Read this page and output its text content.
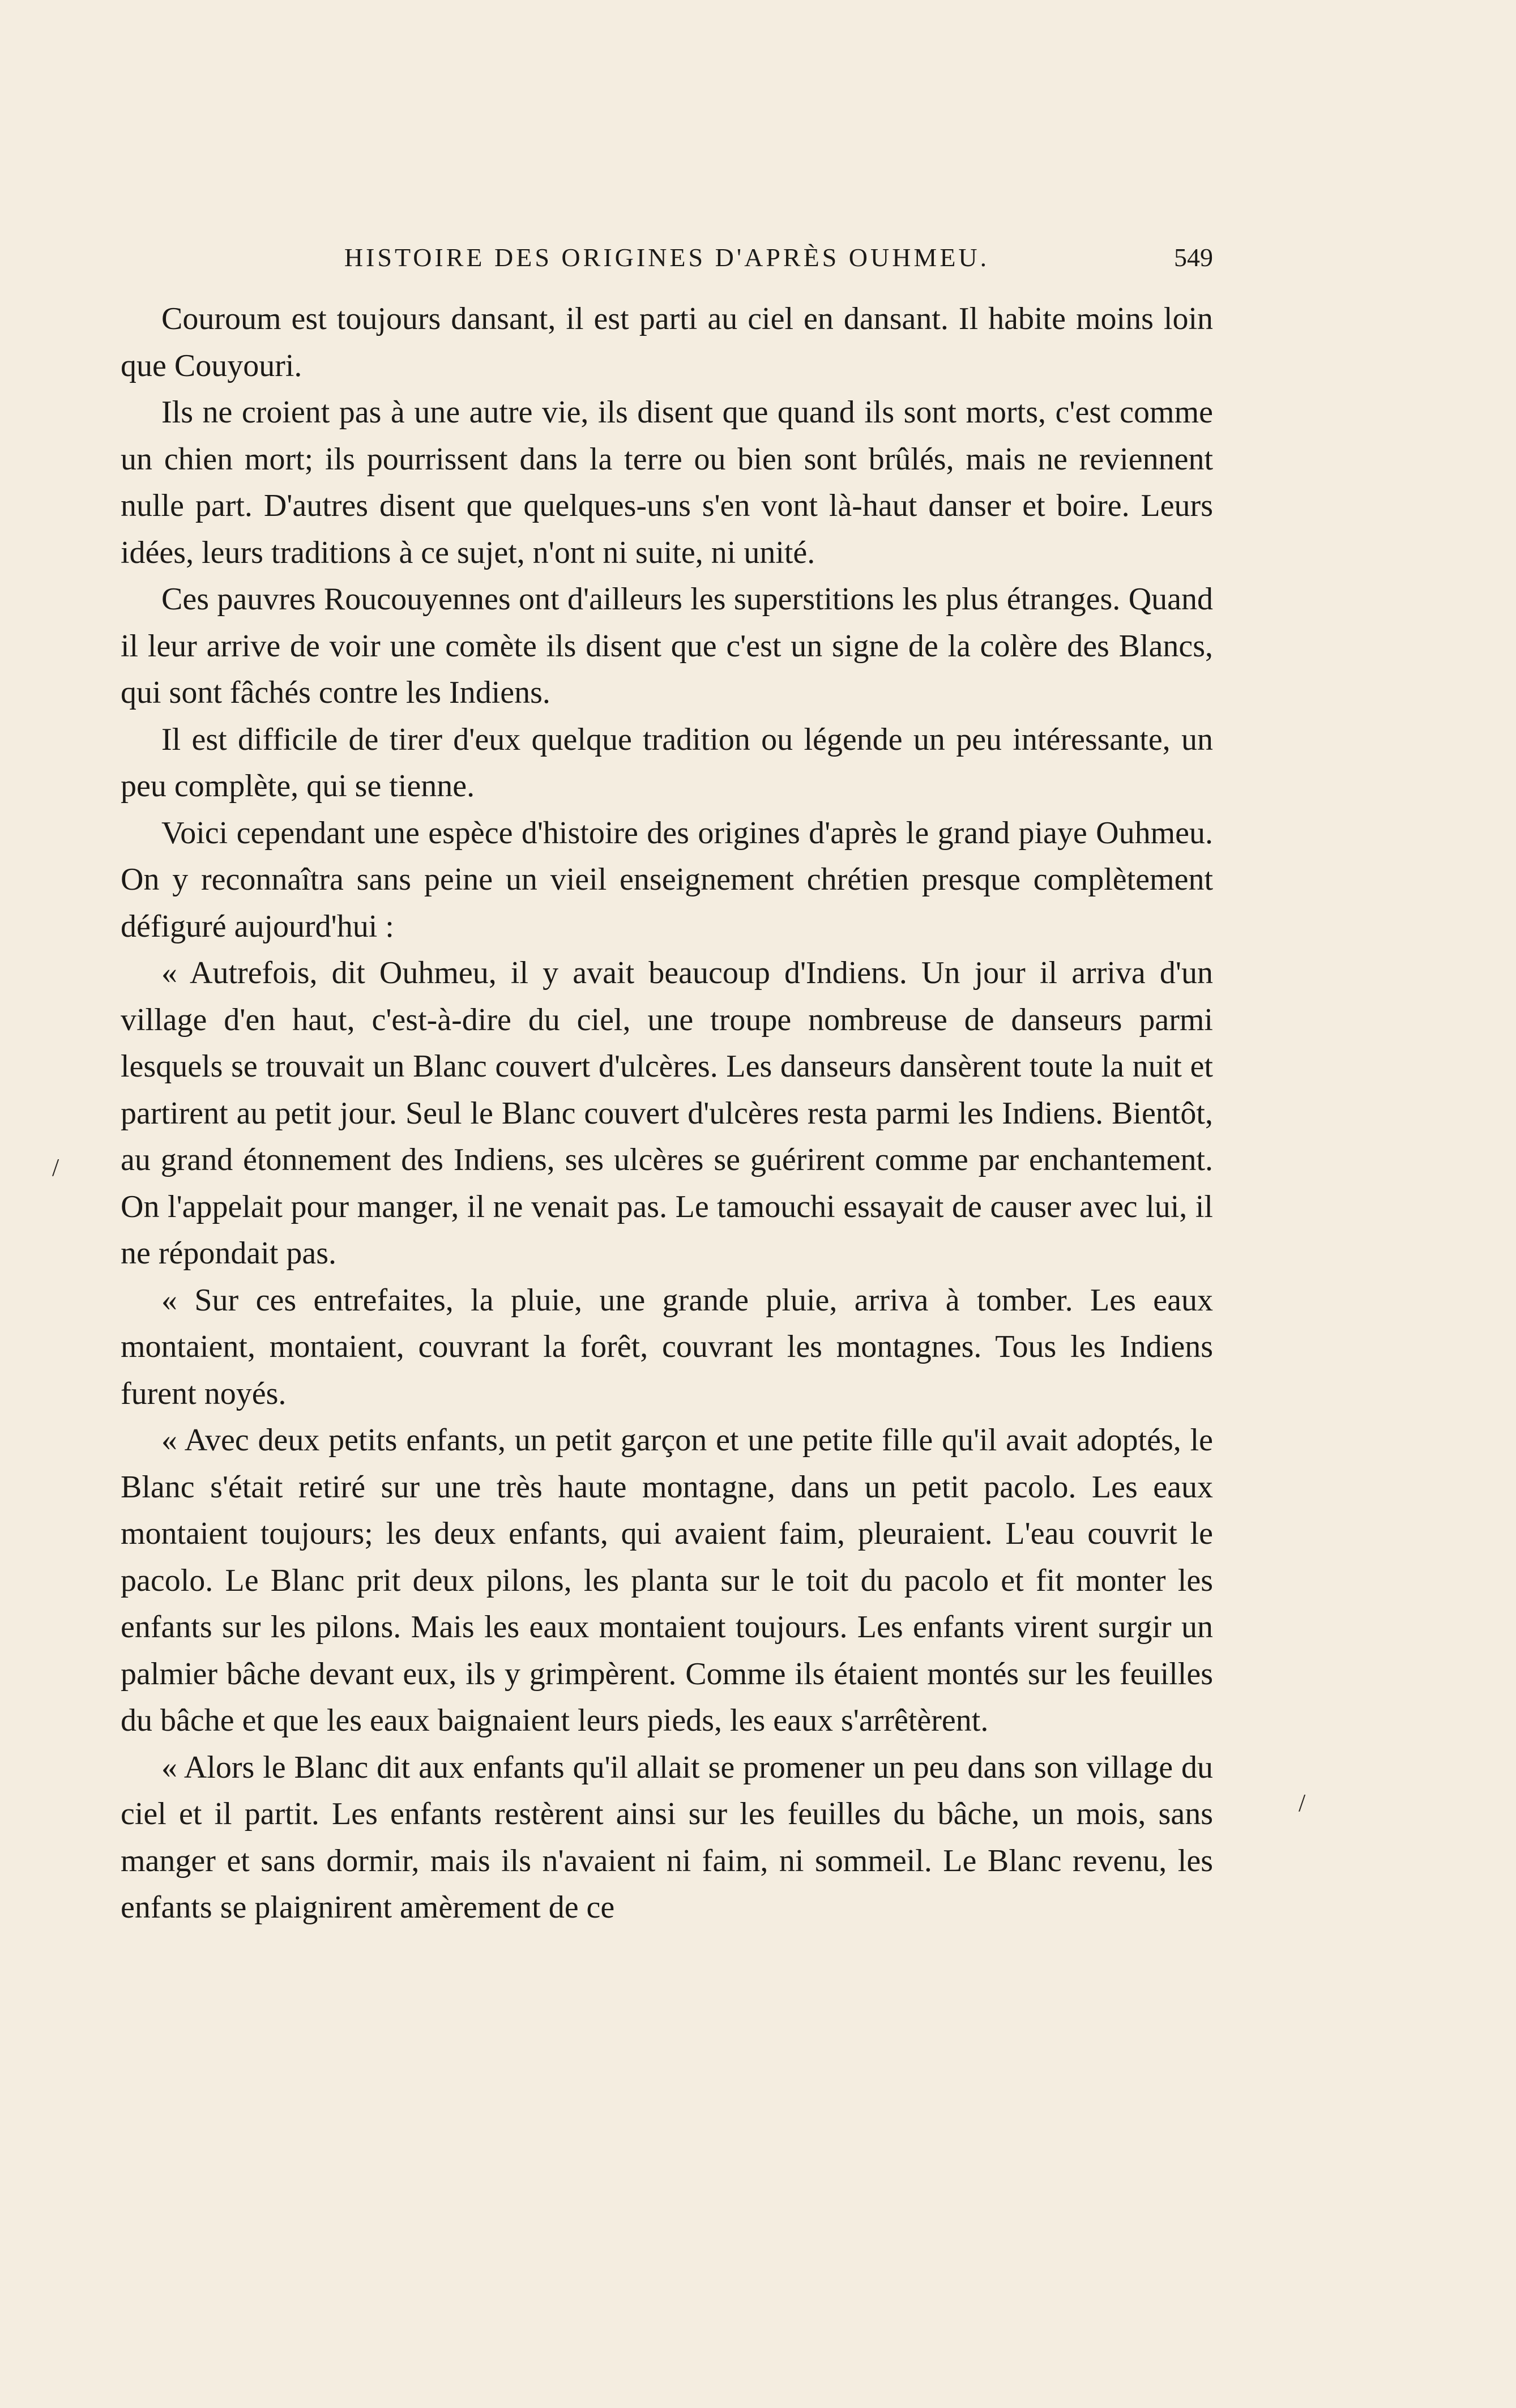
HISTOIRE DES ORIGINES D'APRÈS OUHMEU.	549

Couroum est toujours dansant, il est parti au ciel en dansant. Il habite moins loin que Couyouri.

Ils ne croient pas à une autre vie, ils disent que quand ils sont morts, c'est comme un chien mort; ils pourrissent dans la terre ou bien sont brûlés, mais ne reviennent nulle part. D'autres disent que quelques-uns s'en vont là-haut danser et boire. Leurs idées, leurs traditions à ce sujet, n'ont ni suite, ni unité.

Ces pauvres Roucouyennes ont d'ailleurs les superstitions les plus étranges. Quand il leur arrive de voir une comète ils disent que c'est un signe de la colère des Blancs, qui sont fâchés contre les Indiens.

Il est difficile de tirer d'eux quelque tradition ou légende un peu intéressante, un peu complète, qui se tienne.

Voici cependant une espèce d'histoire des origines d'après le grand piaye Ouhmeu. On y reconnaîtra sans peine un vieil enseignement chrétien presque complètement défiguré aujourd'hui :

« Autrefois, dit Ouhmeu, il y avait beaucoup d'Indiens. Un jour il arriva d'un village d'en haut, c'est-à-dire du ciel, une troupe nombreuse de danseurs parmi lesquels se trouvait un Blanc couvert d'ulcères. Les danseurs dansèrent toute la nuit et partirent au petit jour. Seul le Blanc couvert d'ulcères resta parmi les Indiens. Bientôt, au grand étonnement des Indiens, ses ulcères se guérirent comme par enchantement. On l'appelait pour manger, il ne venait pas. Le tamouchi essayait de causer avec lui, il ne répondait pas.

« Sur ces entrefaites, la pluie, une grande pluie, arriva à tomber. Les eaux montaient, montaient, couvrant la forêt, couvrant les montagnes. Tous les Indiens furent noyés.

« Avec deux petits enfants, un petit garçon et une petite fille qu'il avait adoptés, le Blanc s'était retiré sur une très haute montagne, dans un petit pacolo. Les eaux montaient toujours; les deux enfants, qui avaient faim, pleuraient. L'eau couvrit le pacolo. Le Blanc prit deux pilons, les planta sur le toit du pacolo et fit monter les enfants sur les pilons. Mais les eaux montaient toujours. Les enfants virent surgir un palmier bâche devant eux, ils y grimpèrent. Comme ils étaient montés sur les feuilles du bâche et que les eaux baignaient leurs pieds, les eaux s'arrêtèrent.

« Alors le Blanc dit aux enfants qu'il allait se promener un peu dans son village du ciel et il partit. Les enfants restèrent ainsi sur les feuilles du bâche, un mois, sans manger et sans dormir, mais ils n'avaient ni faim, ni sommeil. Le Blanc revenu, les enfants se plaignirent amèrement de ce

/
/
